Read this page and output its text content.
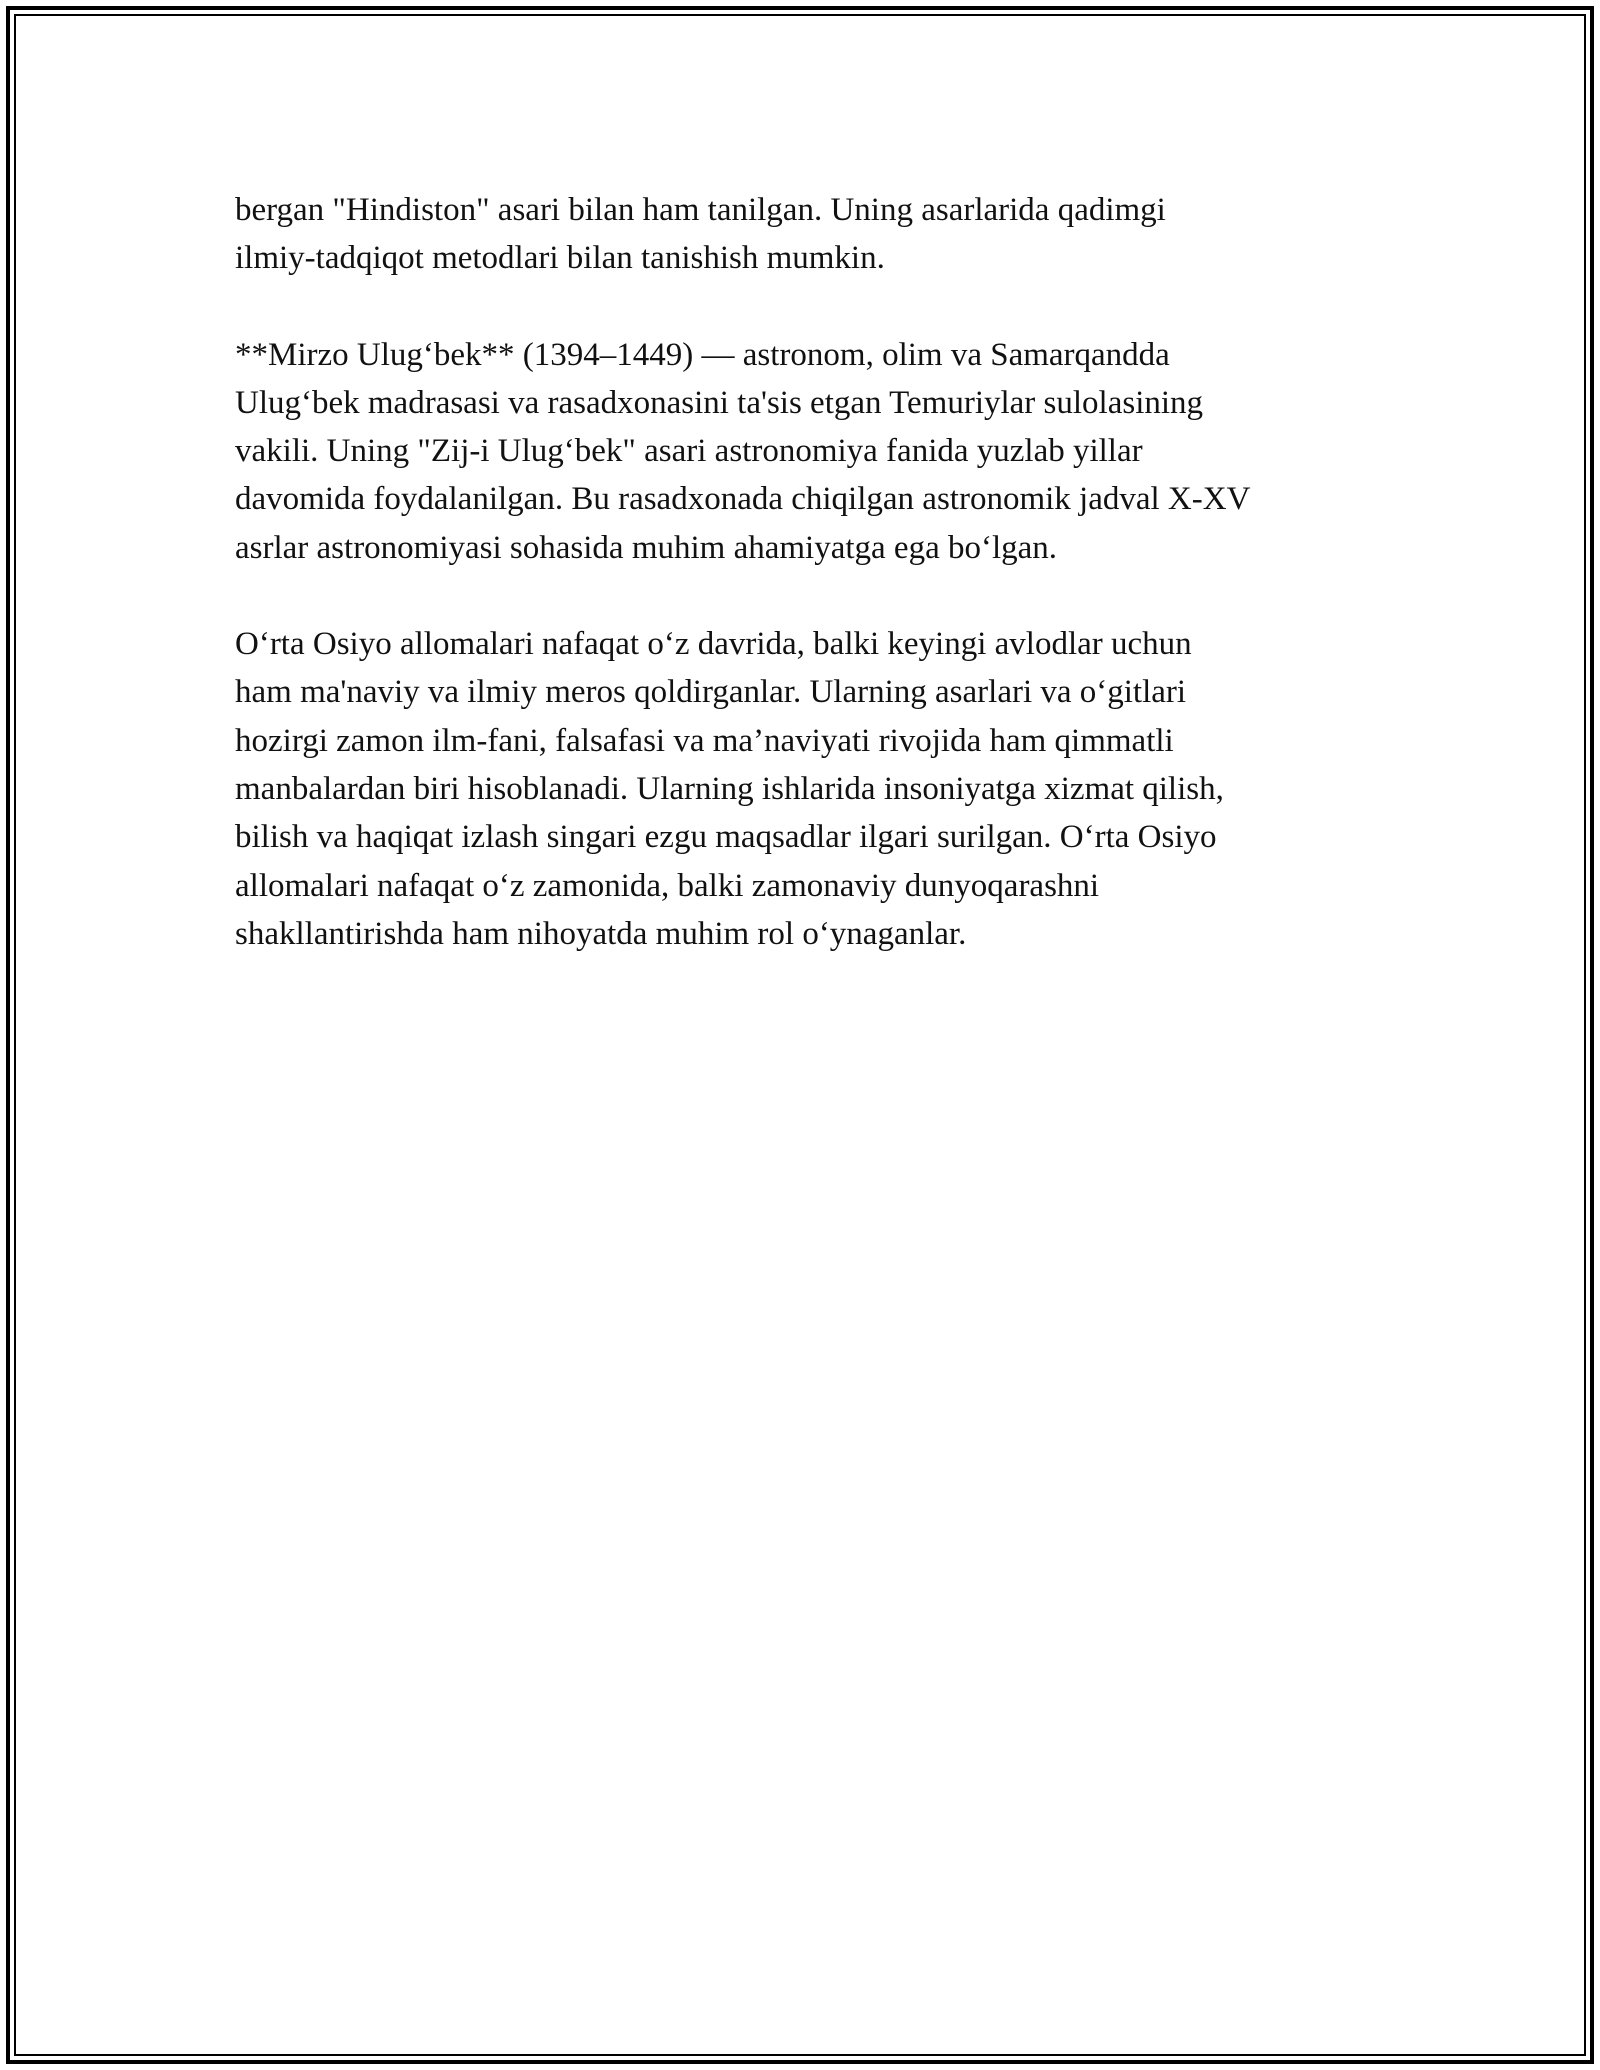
bergan "Hindiston" asari bilan ham tanilgan. Uning asarlarida qadimgi
ilmiy-tadqiqot metodlari bilan tanishish mumkin.

**Mirzo Ulug‘bek** (1394–1449) — astronom, olim va Samarqandda
Ulug‘bek madrasasi va rasadxonasini ta'sis etgan Temuriylar sulolasining
vakili. Uning "Zij-i Ulug‘bek" asari astronomiya fanida yuzlab yillar
davomida foydalanilgan. Bu rasadxonada chiqilgan astronomik jadval X-XV
asrlar astronomiyasi sohasida muhim ahamiyatga ega bo‘lgan.

O‘rta Osiyo allomalari nafaqat o‘z davrida, balki keyingi avlodlar uchun
ham ma'naviy va ilmiy meros qoldirganlar. Ularning asarlari va o‘gitlari
hozirgi zamon ilm-fani, falsafasi va ma’naviyati rivojida ham qimmatli
manbalardan biri hisoblanadi. Ularning ishlarida insoniyatga xizmat qilish,
bilish va haqiqat izlash singari ezgu maqsadlar ilgari surilgan. O‘rta Osiyo
allomalari nafaqat o‘z zamonida, balki zamonaviy dunyoqarashni
shakllantirishda ham nihoyatda muhim rol o‘ynaganlar.
